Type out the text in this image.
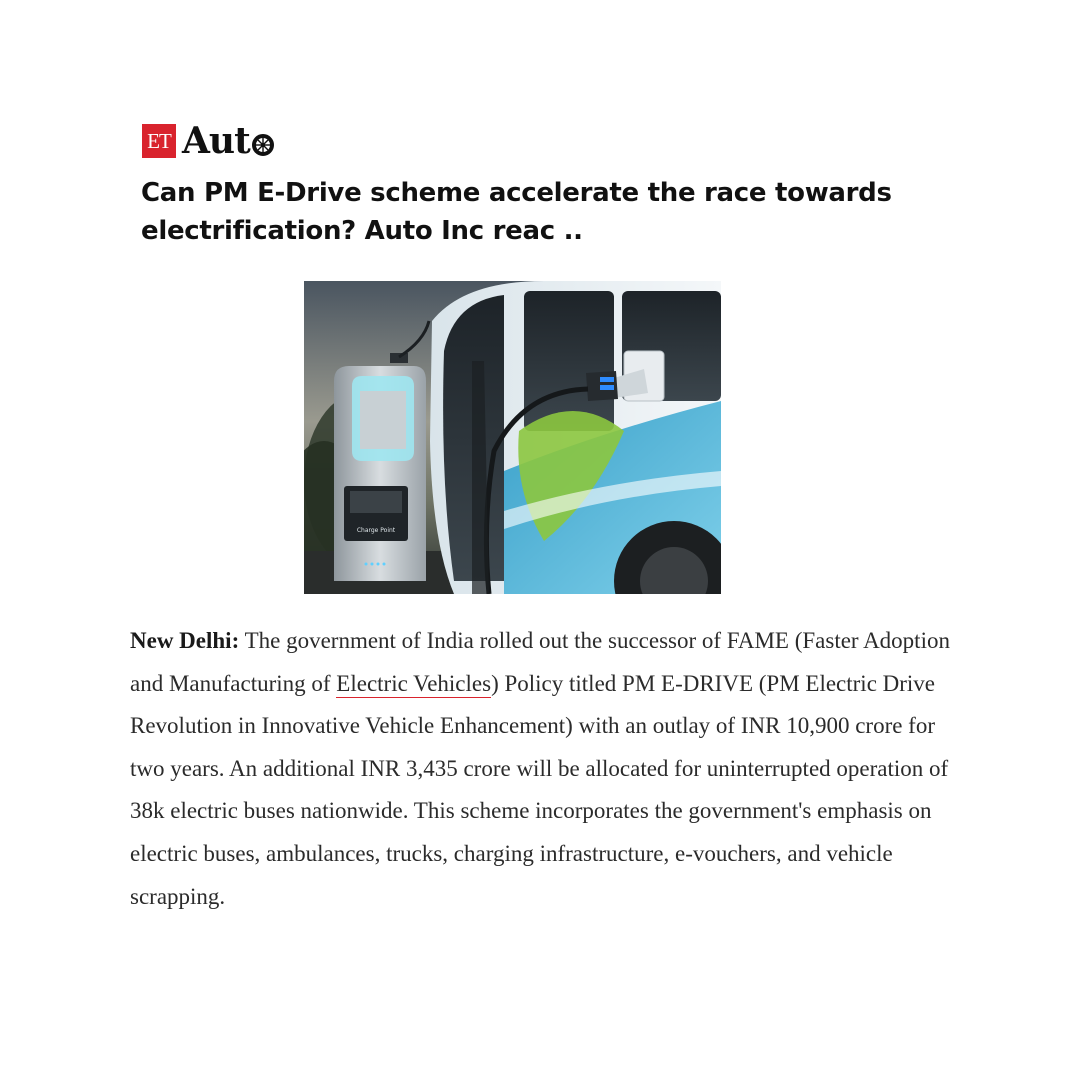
ET Aut
Can PM E-Drive scheme accelerate the race towards
electrification? Auto Inc reac ..
Charge Point

New Delhi: The government of India rolled out the successor of FAME (Faster Adoption and Manufacturing of Electric Vehicles) Policy titled PM E-DRIVE (PM Electric Drive Revolution in Innovative Vehicle Enhancement) with an outlay of INR 10,900 crore for two years. An additional INR 3,435 crore will be allocated for uninterrupted operation of 38k electric buses nationwide. This scheme incorporates the government's emphasis on electric buses, ambulances, trucks, charging infrastructure, e-vouchers, and vehicle scrapping.
